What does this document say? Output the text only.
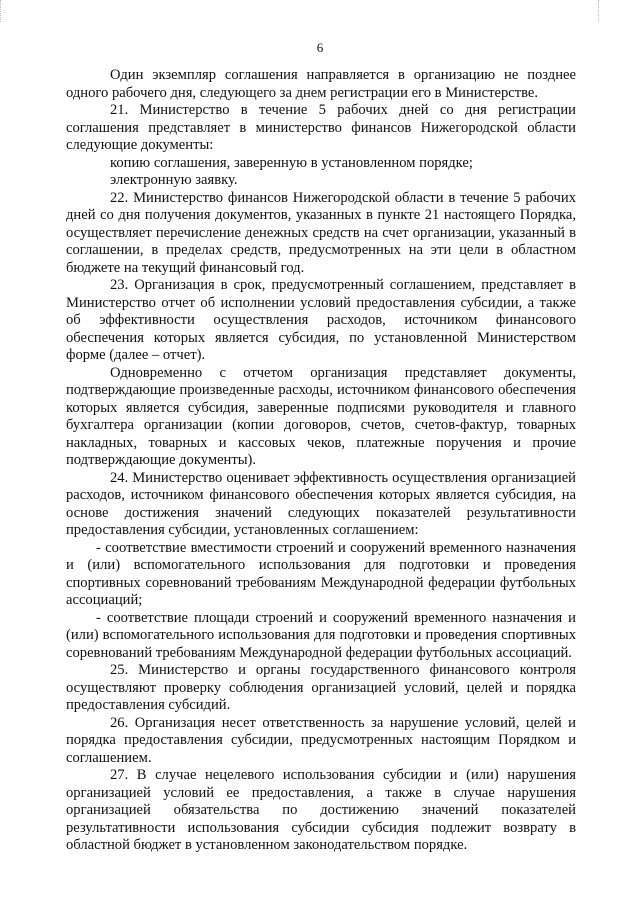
6

Один экземпляр соглашения направляется в организацию не позднее одного рабочего дня, следующего за днем регистрации его в Министерстве.

21. Министерство в течение 5 рабочих дней со дня регистрации соглашения представляет в министерство финансов Нижегородской области следующие документы:

копию соглашения, заверенную в установленном порядке;

электронную заявку.

22. Министерство финансов Нижегородской области в течение 5 рабочих дней со дня получения документов, указанных в пункте 21 настоящего Порядка, осуществляет перечисление денежных средств на счет организации, указанный в соглашении, в пределах средств, предусмотренных на эти цели в областном бюджете на текущий финансовый год.

23. Организация в срок, предусмотренный соглашением, представляет в Министерство отчет об исполнении условий предоставления субсидии, а также об эффективности осуществления расходов, источником финансового обеспечения которых является субсидия, по установленной Министерством форме (далее – отчет).

Одновременно с отчетом организация представляет документы, подтверждающие произведенные расходы, источником финансового обеспечения которых является субсидия, заверенные подписями руководителя и главного бухгалтера организации (копии договоров, счетов, счетов-фактур, товарных накладных, товарных и кассовых чеков, платежные поручения и прочие подтверждающие документы).

24. Министерство оценивает эффективность осуществления организацией расходов, источником финансового обеспечения которых является субсидия, на основе достижения значений следующих показателей результативности предоставления субсидии, установленных соглашением:

- соответствие вместимости строений и сооружений временного назначения и (или) вспомогательного использования для подготовки и проведения спортивных соревнований требованиям Международной федерации футбольных ассоциаций;

- соответствие площади строений и сооружений временного назначения и (или) вспомогательного использования для подготовки и проведения спортивных соревнований требованиям Международной федерации футбольных ассоциаций.

25. Министерство и органы государственного финансового контроля осуществляют проверку соблюдения организацией условий, целей и порядка предоставления субсидий.

26. Организация несет ответственность за нарушение условий, целей и порядка предоставления субсидии, предусмотренных настоящим Порядком и соглашением.

27. В случае нецелевого использования субсидии и (или) нарушения организацией условий ее предоставления, а также в случае нарушения организацией обязательства по достижению значений показателей результативности использования субсидии субсидия подлежит возврату в областной бюджет в установленном законодательством порядке.
